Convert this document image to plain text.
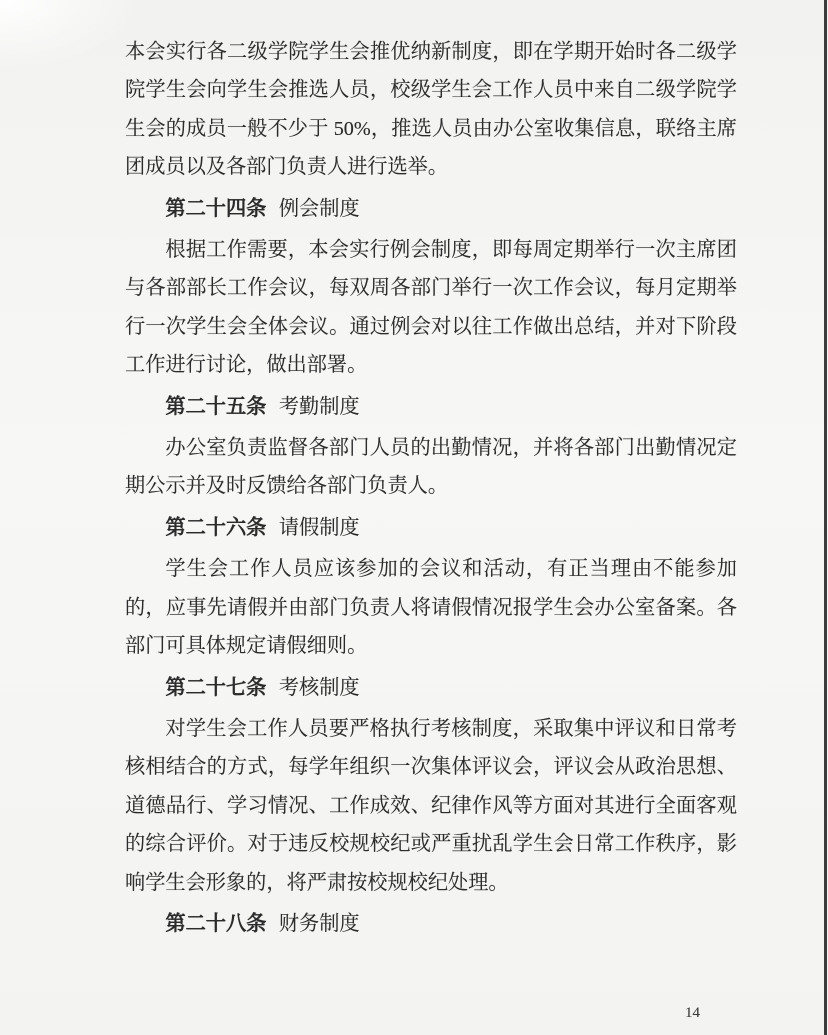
本会实行各二级学院学生会推优纳新制度，即在学期开始时各二级学院学生会向学生会推选人员，校级学生会工作人员中来自二级学院学生会的成员一般不少于 50%，推选人员由办公室收集信息，联络主席团成员以及各部门负责人进行选举。

第二十四条 例会制度

根据工作需要，本会实行例会制度，即每周定期举行一次主席团与各部部长工作会议，每双周各部门举行一次工作会议，每月定期举行一次学生会全体会议。通过例会对以往工作做出总结，并对下阶段工作进行讨论，做出部署。

第二十五条 考勤制度

办公室负责监督各部门人员的出勤情况，并将各部门出勤情况定期公示并及时反馈给各部门负责人。

第二十六条 请假制度

学生会工作人员应该参加的会议和活动，有正当理由不能参加的，应事先请假并由部门负责人将请假情况报学生会办公室备案。各部门可具体规定请假细则。

第二十七条 考核制度

对学生会工作人员要严格执行考核制度，采取集中评议和日常考核相结合的方式，每学年组织一次集体评议会，评议会从政治思想、道德品行、学习情况、工作成效、纪律作风等方面对其进行全面客观的综合评价。对于违反校规校纪或严重扰乱学生会日常工作秩序，影响学生会形象的，将严肃按校规校纪处理。

第二十八条 财务制度

14
